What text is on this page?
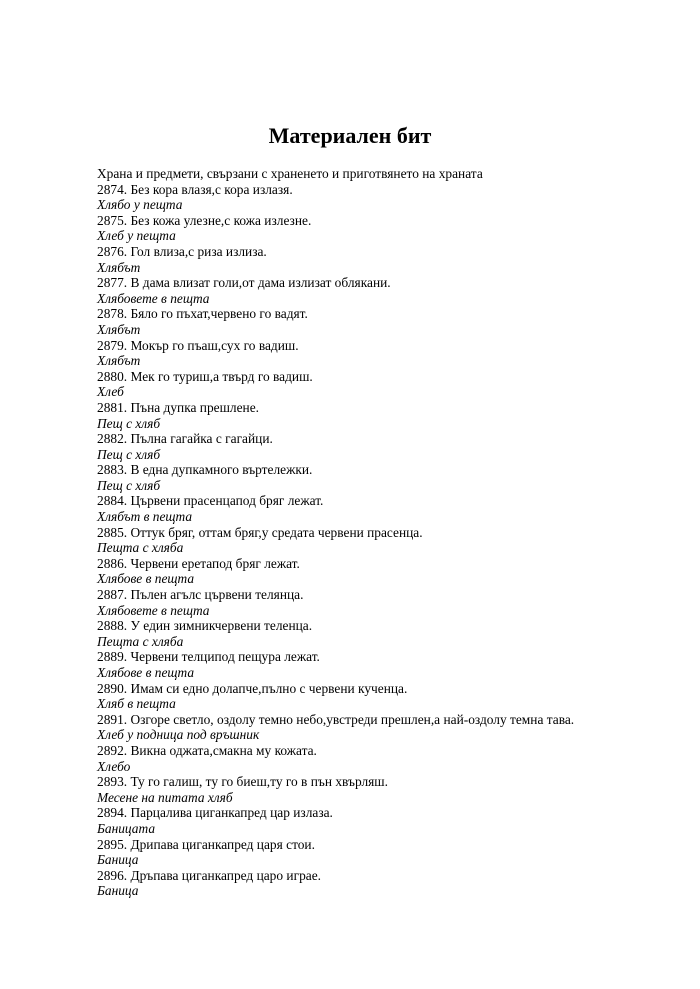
Материален бит
Храна и предмети, свързани с храненето и приготвянето на храната
2874. Без кора влазя,с кора излазя.
Хлябо у пещта
2875. Без кожа улезне,с кожа излезне.
Хлеб у пещта
2876. Гол влиза,с риза излиза.
Хлябът
2877. В дама влизат голи,от дама излизат облякани.
Хлябовете в пещта
2878. Бяло го пъхат,червено го вадят.
Хлябът
2879. Мокър го пъаш,сух го вадиш.
Хлябът
2880. Мек го туриш,а твърд го вадиш.
Хлеб
2881. Пъна дупка прешлене.
Пещ с хляб
2882. Пълна гагайка с гагайци.
Пещ с хляб
2883. В една дупкамного въртележки.
Пещ с хляб
2884. Цървени прасенцапод бряг лежат.
Хлябът в пещта
2885. Оттук бряг, оттам бряг,у средата червени прасенца.
Пещта с хляба
2886. Червени еретапод бряг лежат.
Хлябове в пещта
2887. Пълен агълс цървени телянца.
Хлябовете в пещта
2888. У един зимникчервени теленца.
Пещта с хляба
2889. Червени телципод пещура лежат.
Хлябове в пещта
2890. Имам си едно долапче,пълно с червени кученца.
Хляб в пещта
2891. Озгоре светло, оздолу темно небо,увстреди прешлен,а най-оздолу темна тава.
Хлеб у подница под връшник
2892. Викна оджата,смакна му кожата.
Хлебо
2893. Ту го галиш, ту го биеш,ту го в пън хвърляш.
Месене на питата хляб
2894. Парцалива циганкапред цар излаза.
Баницата
2895. Дрипава циганкапред царя стои.
Баница
2896. Дръпава циганкапред царо играе.
Баница
